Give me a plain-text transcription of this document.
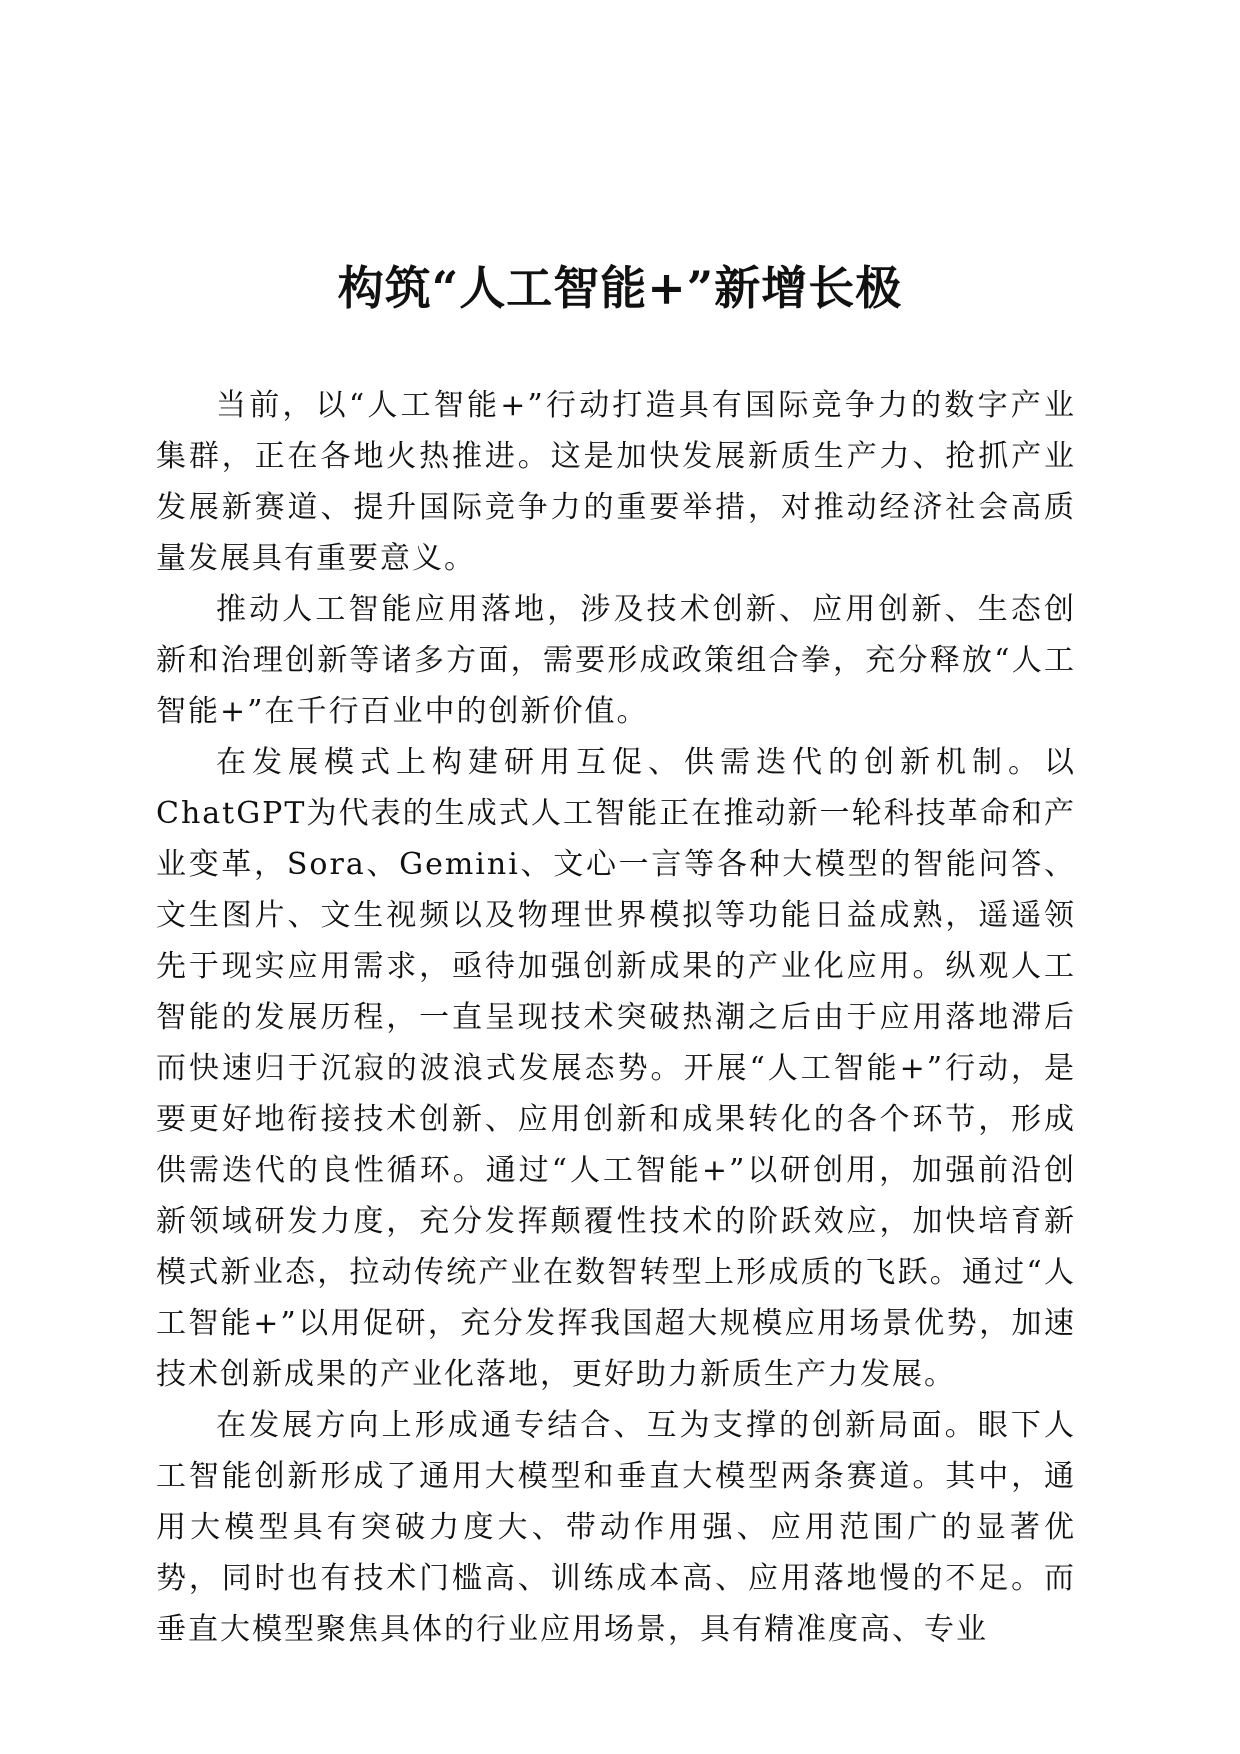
构筑“人工智能+”新增长极

当前，以“人工智能+”行动打造具有国际竞争力的数字产业集群，正在各地火热推进。这是加快发展新质生产力、抢抓产业发展新赛道、提升国际竞争力的重要举措，对推动经济社会高质量发展具有重要意义。

推动人工智能应用落地，涉及技术创新、应用创新、生态创新和治理创新等诸多方面，需要形成政策组合拳，充分释放“人工智能+”在千行百业中的创新价值。

在发展模式上构建研用互促、供需迭代的创新机制。以ChatGPT为代表的生成式人工智能正在推动新一轮科技革命和产业变革，Sora、Gemini、文心一言等各种大模型的智能问答、文生图片、文生视频以及物理世界模拟等功能日益成熟，遥遥领先于现实应用需求，亟待加强创新成果的产业化应用。纵观人工智能的发展历程，一直呈现技术突破热潮之后由于应用落地滞后而快速归于沉寂的波浪式发展态势。开展“人工智能+”行动，是要更好地衔接技术创新、应用创新和成果转化的各个环节，形成供需迭代的良性循环。通过“人工智能+”以研创用，加强前沿创新领域研发力度，充分发挥颠覆性技术的阶跃效应，加快培育新模式新业态，拉动传统产业在数智转型上形成质的飞跃。通过“人工智能+”以用促研，充分发挥我国超大规模应用场景优势，加速技术创新成果的产业化落地，更好助力新质生产力发展。

在发展方向上形成通专结合、互为支撑的创新局面。眼下人工智能创新形成了通用大模型和垂直大模型两条赛道。其中，通用大模型具有突破力度大、带动作用强、应用范围广的显著优势，同时也有技术门槛高、训练成本高、应用落地慢的不足。而垂直大模型聚焦具体的行业应用场景，具有精准度高、专业
